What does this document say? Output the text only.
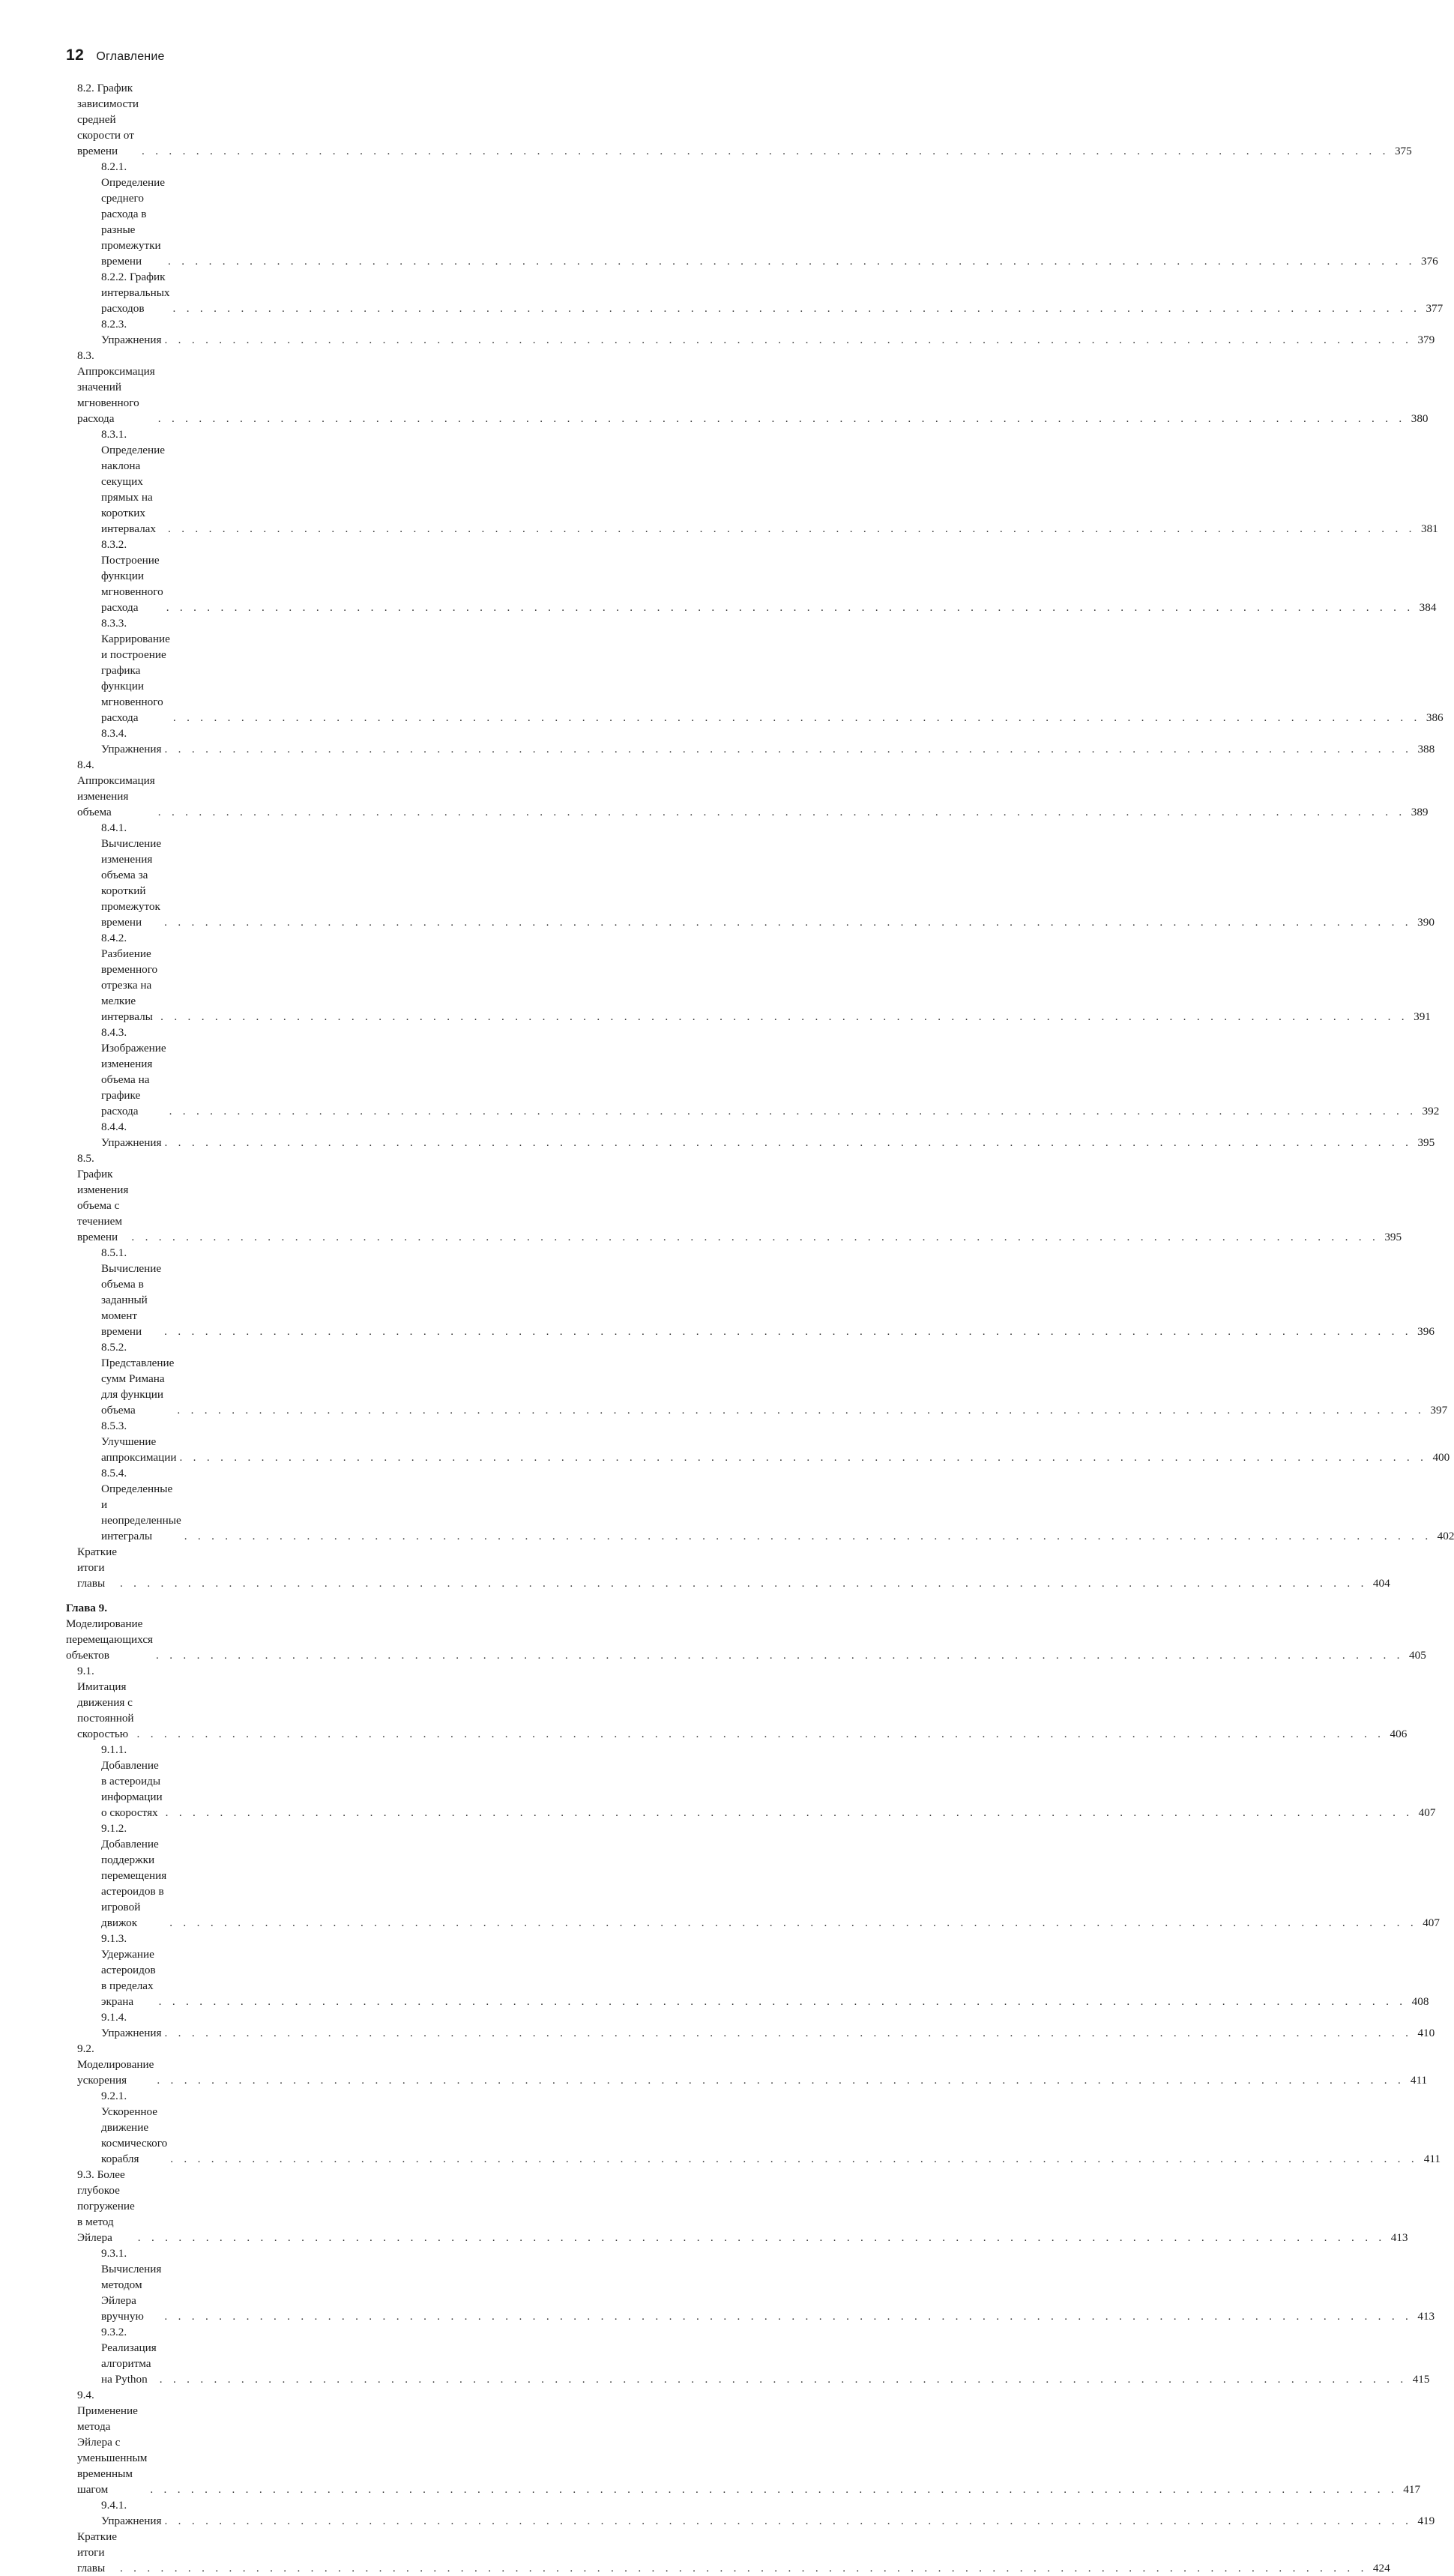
12 Оглавление
8.2. График зависимости средней скорости от времени . . .	375
8.2.1. Определение среднего расхода в разные промежутки времени . . .	376
8.2.2. График интервальных расходов . . .	377
8.2.3. Упражнения . . .	379
8.3. Аппроксимация значений мгновенного расхода . . .	380
8.3.1. Определение наклона секущих прямых на коротких интервалах . . .	381
8.3.2. Построение функции мгновенного расхода . . .	384
8.3.3. Каррирование и построение графика функции мгновенного расхода . . .	386
8.3.4. Упражнения . . .	388
8.4. Аппроксимация изменения объема . . .	389
8.4.1. Вычисление изменения объема за короткий промежуток времени . . .	390
8.4.2. Разбиение временного отрезка на мелкие интервалы . . .	391
8.4.3. Изображение изменения объема на графике расхода . . .	392
8.4.4. Упражнения . . .	395
8.5. График изменения объема с течением времени . . .	395
8.5.1. Вычисление объема в заданный момент времени . . .	396
8.5.2. Представление сумм Римана для функции объема . . .	397
8.5.3. Улучшение аппроксимации . . .	400
8.5.4. Определенные и неопределенные интегралы . . .	402
Краткие итоги главы . . .	404
Глава 9. Моделирование перемещающихся объектов . . .	405
9.1. Имитация движения с постоянной скоростью . . .	406
9.1.1. Добавление в астероиды информации о скоростях . . .	407
9.1.2. Добавление поддержки перемещения астероидов в игровой движок . . .	407
9.1.3. Удержание астероидов в пределах экрана . . .	408
9.1.4. Упражнения . . .	410
9.2. Моделирование ускорения . . .	411
9.2.1. Ускоренное движение космического корабля . . .	411
9.3. Более глубокое погружение в метод Эйлера . . .	413
9.3.1. Вычисления методом Эйлера вручную . . .	413
9.3.2. Реализация алгоритма на Python . . .	415
9.4. Применение метода Эйлера с уменьшенным временным шагом . . .	417
9.4.1. Упражнения . . .	419
Краткие итоги главы . . .	424
